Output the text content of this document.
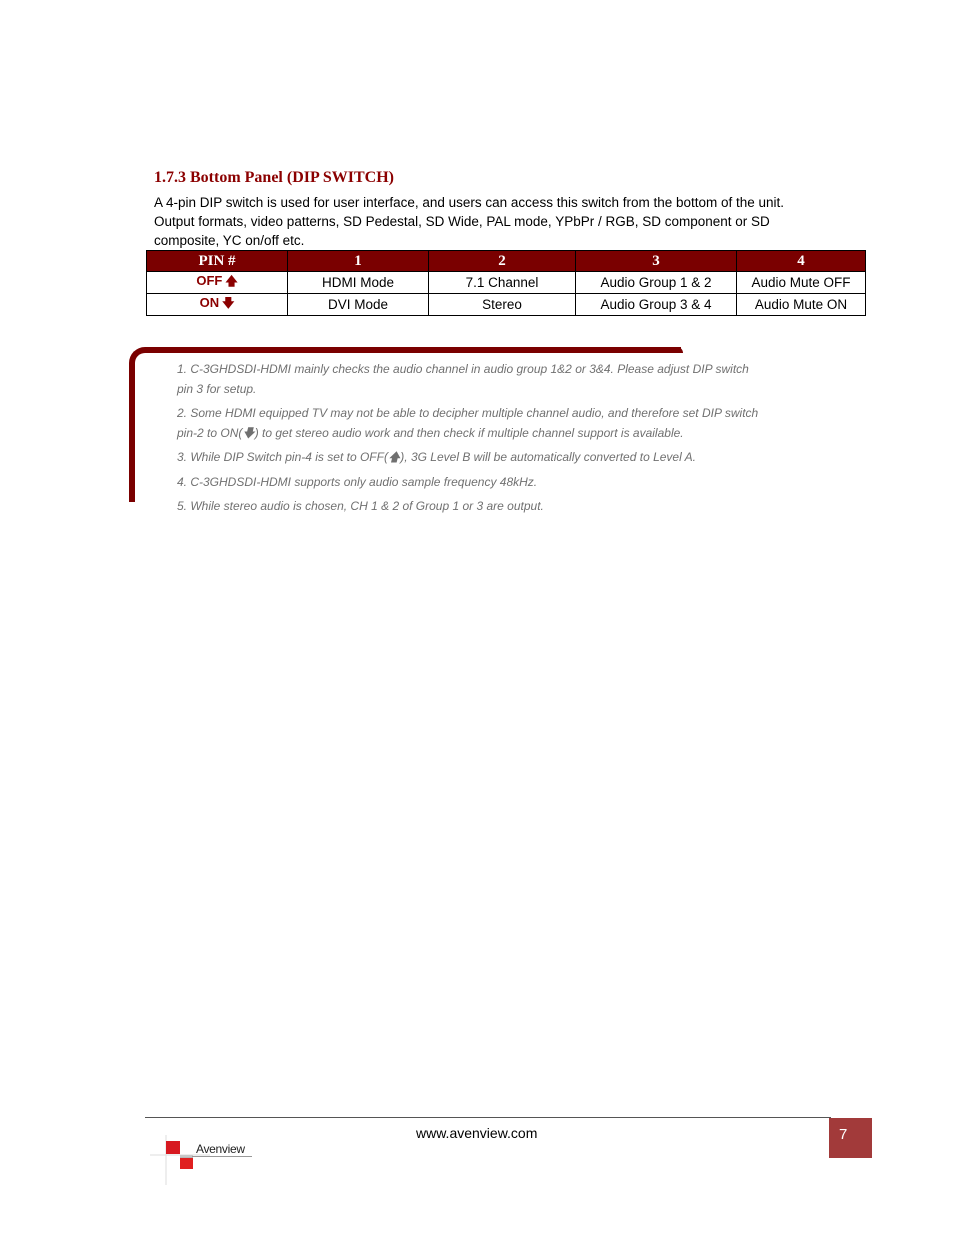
1.7.3 Bottom Panel (DIP SWITCH)
A 4-pin DIP switch is used for user interface, and users can access this switch from the bottom of the unit.
Output formats, video patterns, SD Pedestal, SD Wide, PAL mode, YPbPr / RGB, SD component or SD
composite, YC on/off etc.
PIN #	1	2	3	4
OFF 🡅	HDMI Mode	7.1 Channel	Audio Group 1 & 2	Audio Mute OFF
ON 🡇	DVI Mode	Stereo	Audio Group 3 & 4	Audio Mute ON

1. C-3GHDSDI-HDMI mainly checks the audio channel in audio group 1&2 or 3&4. Please adjust DIP switch
pin 3 for setup.

2. Some HDMI equipped TV may not be able to decipher multiple channel audio, and therefore set DIP switch
pin-2 to ON(🡇) to get stereo audio work and then check if multiple channel support is available.

3. While DIP Switch pin-4 is set to OFF(🡅), 3G Level B will be automatically converted to Level A.

4. C-3GHDSDI-HDMI supports only audio sample frequency 48kHz.

5. While stereo audio is chosen, CH 1 & 2 of Group 1 or 3 are output.

www.avenview.com	7
Avenview
